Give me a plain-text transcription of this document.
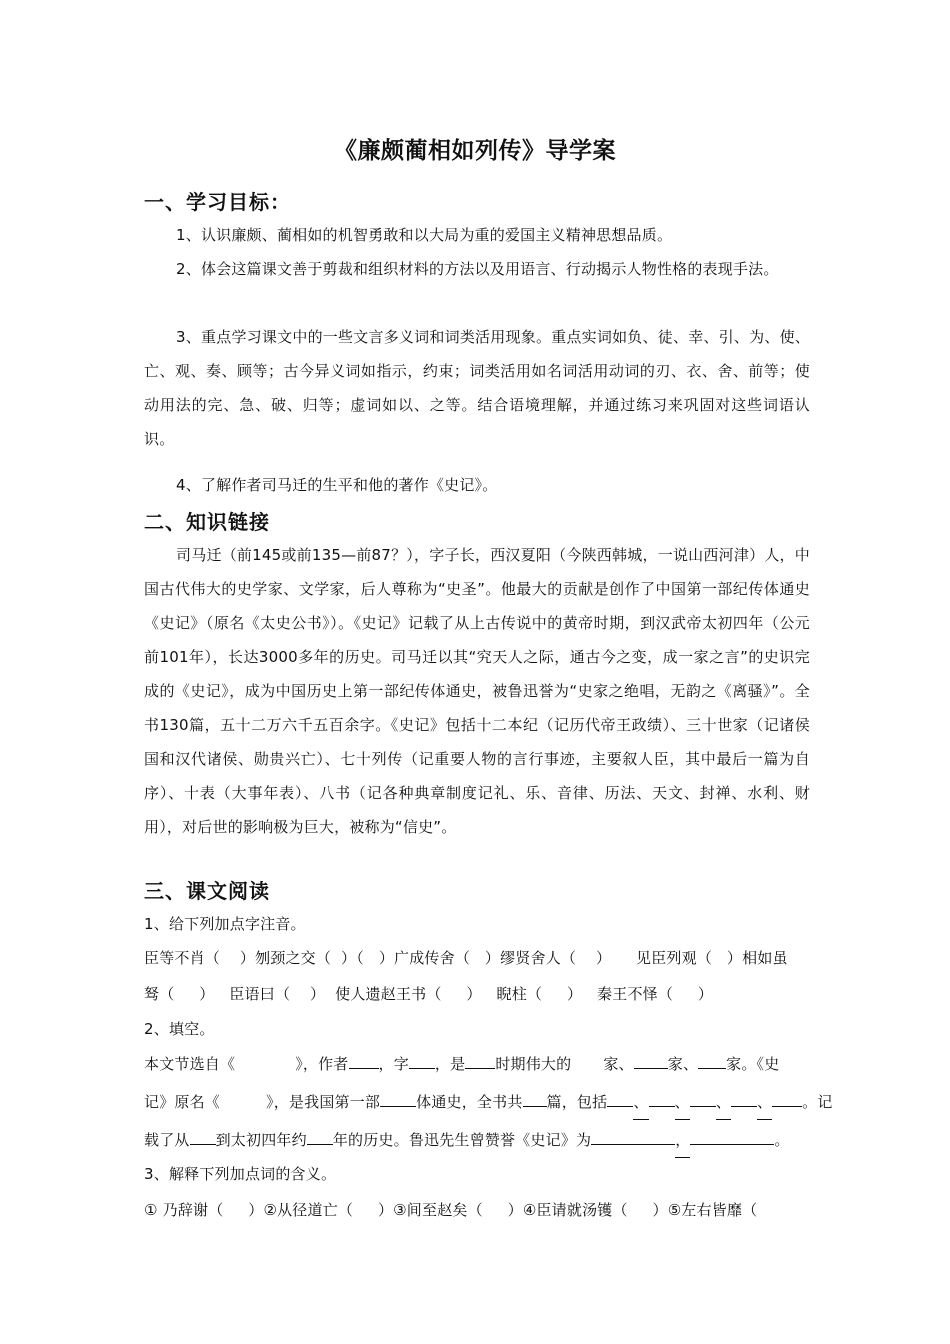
《廉颇蔺相如列传》导学案
一、学习目标：
1、认识廉颇、蔺相如的机智勇敢和以大局为重的爱国主义精神思想品质。
2、体会这篇课文善于剪裁和组织材料的方法以及用语言、行动揭示人物性格的表现手法。
3、重点学习课文中的一些文言多义词和词类活用现象。重点实词如负、徒、幸、引、为、使、亡、观、奏、顾等；古今异义词如指示，约束；词类活用如名词活用动词的刃、衣、舍、前等；使动用法的完、急、破、归等；虚词如以、之等。结合语境理解，并通过练习来巩固对这些词语认识。
4、了解作者司马迁的生平和他的著作《史记》。
二、知识链接
司马迁（前145或前135—前87？），字子长，西汉夏阳（今陕西韩城，一说山西河津）人，中国古代伟大的史学家、文学家，后人尊称为“史圣”。他最大的贡献是创作了中国第一部纪传体通史《史记》（原名《太史公书》）。《史记》记载了从上古传说中的黄帝时期，到汉武帝太初四年（公元前101年），长达3000多年的历史。司马迁以其“究天人之际，通古今之变，成一家之言”的史识完成的《史记》，成为中国历史上第一部纪传体通史，被鲁迅誉为“史家之绝唱，无韵之《离骚》”。全书130篇，五十二万六千五百余字。《史记》包括十二本纪（记历代帝王政绩）、三十世家（记诸侯国和汉代诸侯、勋贵兴亡）、七十列传（记重要人物的言行事迹，主要叙人臣，其中最后一篇为自序）、十表（大事年表）、八书（记各种典章制度记礼、乐、音律、历法、天文、封禅、水利、财用），对后世的影响极为巨大，被称为“信史”。
三、课文阅读
1、给下列加点字注音。
臣等不肖（    ）刎颈之交（  ）（   ）广成传舍（   ）缪贤舍人（    ）     见臣列观（   ）相如虽
驽（     ）   臣语曰（    ）  使人遗赵王书（     ）   睨柱（     ）   秦王不怿（     ）
2、填空。
本文节选自《	》，作者 ，字 ，是 时期伟大的 家、 家、 家。《史
记》原名《	》，是我国第一部 体通史，全书共 篇，包括 、 、 、 、 。记
载了从 到太初四年约 年的历史。鲁迅先生曾赞誉《史记》为	，	。
3、解释下列加点词的含义。
① 乃辞谢（     ）②从径道亡（     ）③间至赵矣（     ）④臣请就汤镬（     ）⑤左右皆靡（
